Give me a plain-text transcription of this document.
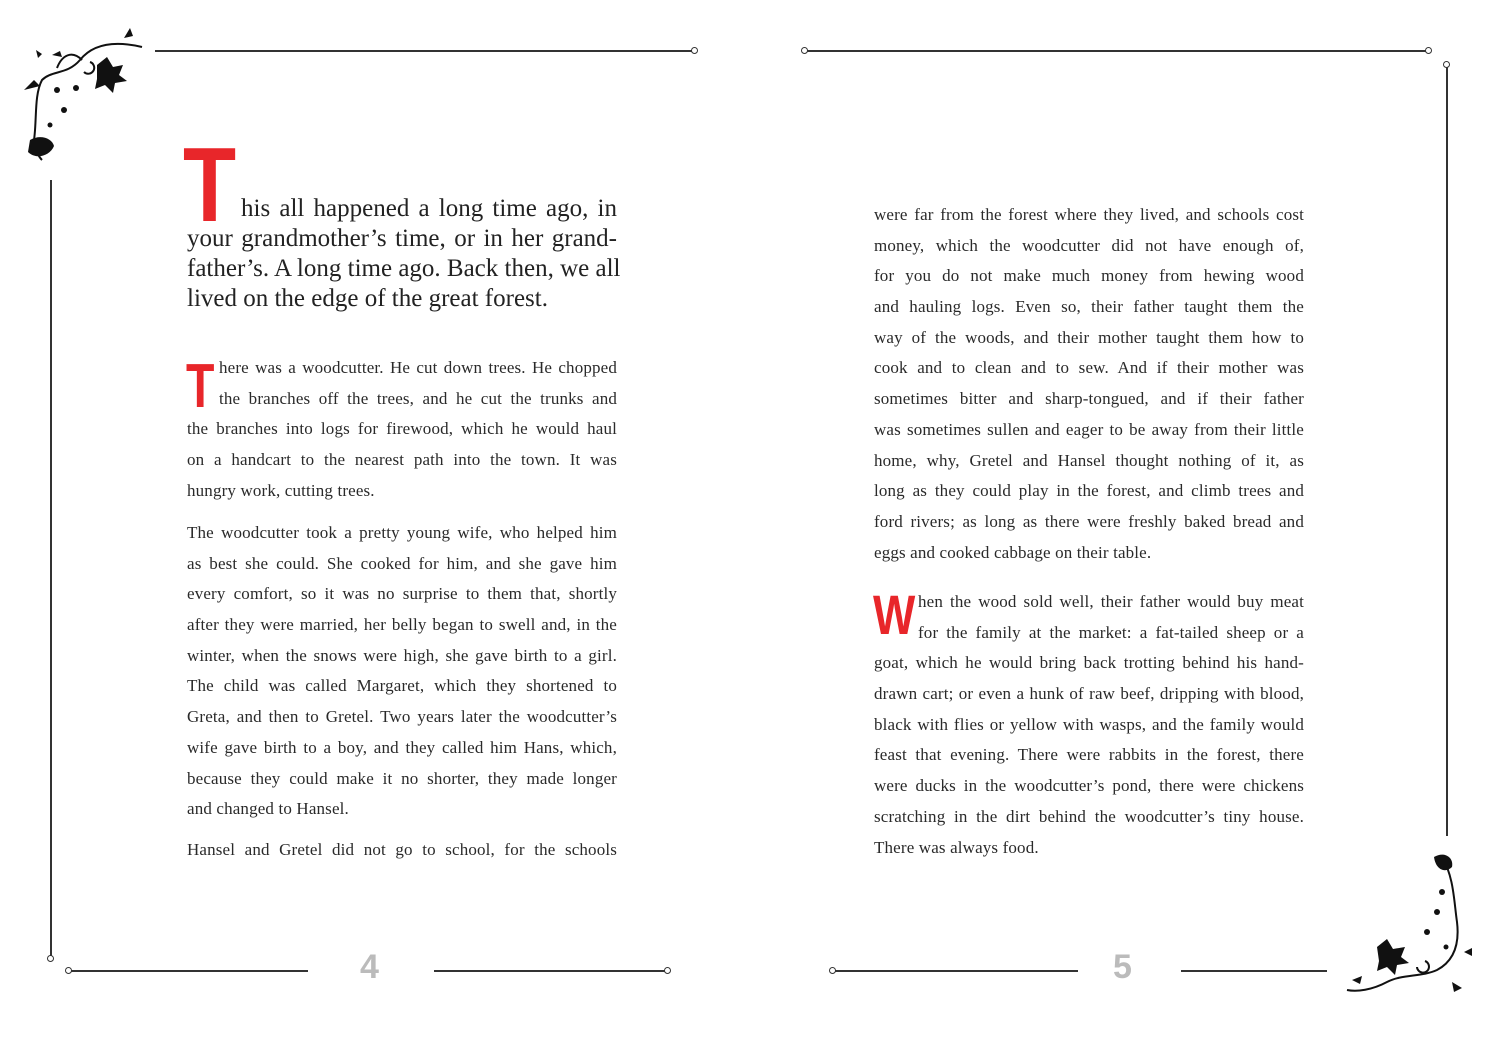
T his all happened a long time ago, in
your grandmother’s time, or in her grand-
father’s. A long time ago. Back then, we all
lived on the edge of the great forest.
T here was a woodcutter. He cut down trees. He chopped
the branches off the trees, and he cut the trunks and
the branches into logs for firewood, which he would haul
on a handcart to the nearest path into the town. It was
hungry work, cutting trees.
The woodcutter took a pretty young wife, who helped him
as best she could. She cooked for him, and she gave him
every comfort, so it was no surprise to them that, shortly
after they were married, her belly began to swell and, in the
winter, when the snows were high, she gave birth to a girl.
The child was called Margaret, which they shortened to
Greta, and then to Gretel. Two years later the woodcutter’s
wife gave birth to a boy, and they called him Hans, which,
because they could make it no shorter, they made longer
and changed to Hansel.
Hansel and Gretel did not go to school, for the schools
4
were far from the forest where they lived, and schools cost
money, which the woodcutter did not have enough of,
for you do not make much money from hewing wood
and hauling logs. Even so, their father taught them the
way of the woods, and their mother taught them how to
cook and to clean and to sew. And if their mother was
sometimes bitter and sharp-tongued, and if their father
was sometimes sullen and eager to be away from their little
home, why, Gretel and Hansel thought nothing of it, as
long as they could play in the forest, and climb trees and
ford rivers; as long as there were freshly baked bread and
eggs and cooked cabbage on their table.
W hen the wood sold well, their father would buy meat
for the family at the market: a fat-tailed sheep or a
goat, which he would bring back trotting behind his hand-
drawn cart; or even a hunk of raw beef, dripping with blood,
black with flies or yellow with wasps, and the family would
feast that evening. There were rabbits in the forest, there
were ducks in the woodcutter’s pond, there were chickens
scratching in the dirt behind the woodcutter’s tiny house.
There was always food.
5
